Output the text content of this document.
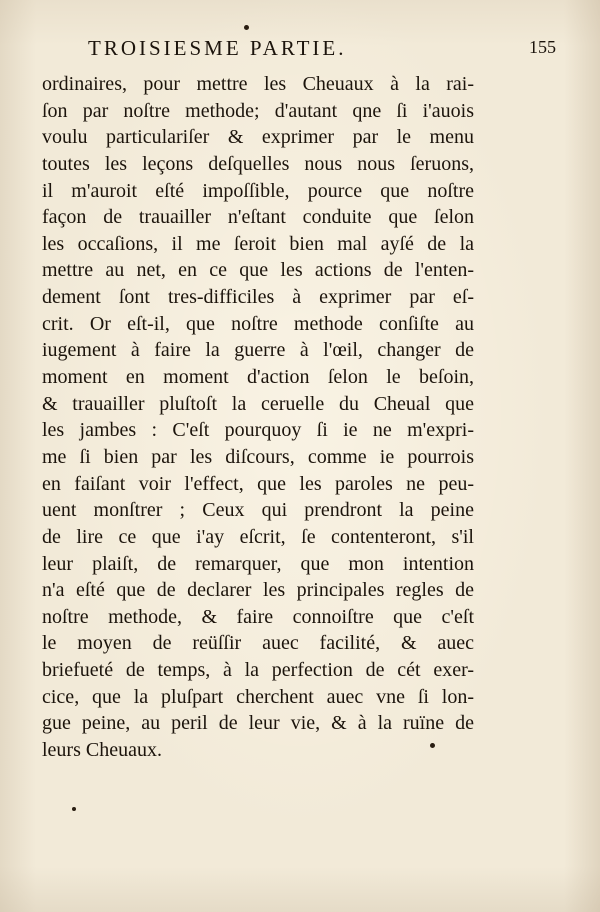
TROISIESME PARTIE.	155
ordinaires, pour mettre les Cheuaux à la rai-
ſon par noſtre methode; d'autant qne ſi i'auois
voulu particulariſer & exprimer par le menu
toutes les leçons deſquelles nous nous ſeruons,
il m'auroit eſté impoſſible, pource que noſtre
façon de trauailler n'eſtant conduite que ſelon
les occaſions, il me ſeroit bien mal ayſé de la
mettre au net, en ce que les actions de l'enten-
dement ſont tres-difficiles à exprimer par eſ-
crit. Or eſt-il, que noſtre methode conſiſte au
iugement à faire la guerre à l'œil, changer de
moment en moment d'action ſelon le beſoin,
& trauailler pluſtoſt la ceruelle du Cheual que
les jambes : C'eſt pourquoy ſi ie ne m'expri-
me ſi bien par les diſcours, comme ie pourrois
en faiſant voir l'effect, que les paroles ne peu-
uent monſtrer ; Ceux qui prendront la peine
de lire ce que i'ay eſcrit, ſe contenteront, s'il
leur plaiſt, de remarquer, que mon intention
n'a eſté que de declarer les principales regles de
noſtre methode, & faire connoiſtre que c'eſt
le moyen de reüſſir auec facilité, & auec
briefueté de temps, à la perfection de cét exer-
cice, que la pluſpart cherchent auec vne ſi lon-
gue peine, au peril de leur vie, & à la ruïne de
leurs Cheuaux.
